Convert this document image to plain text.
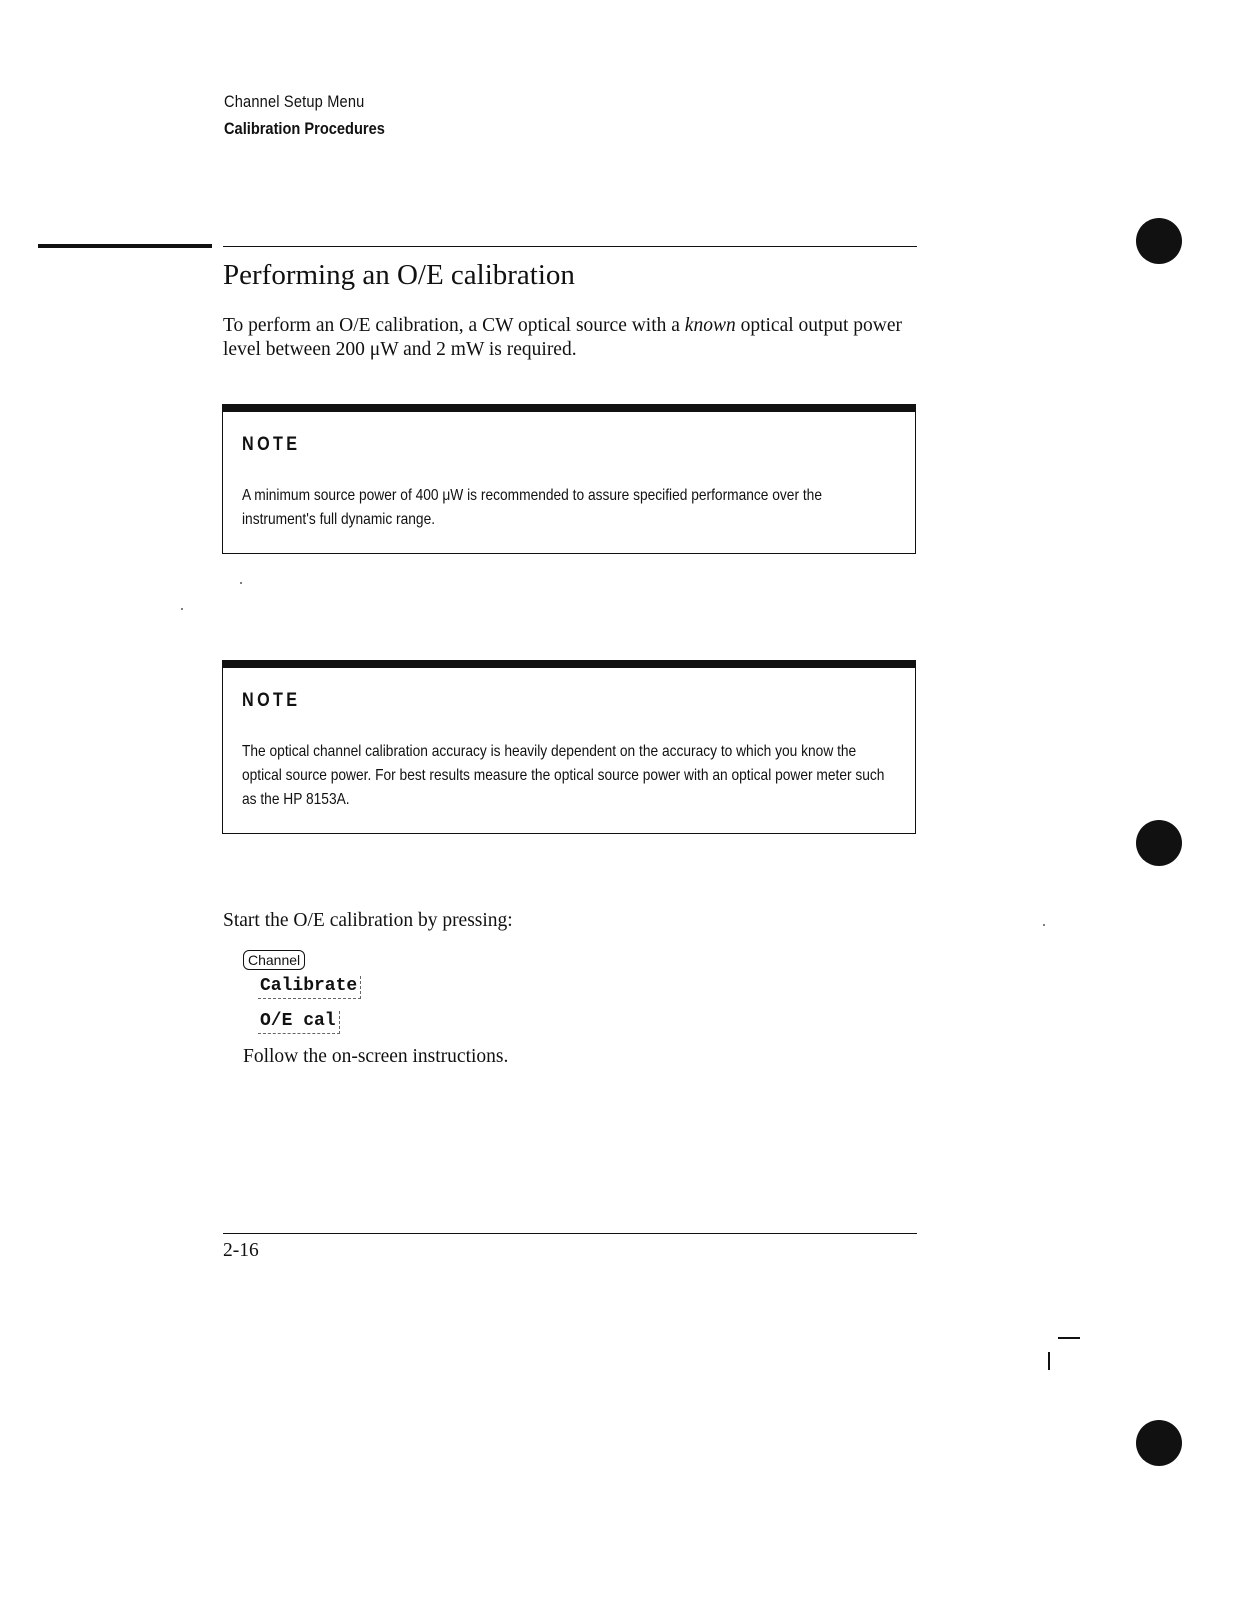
Channel Setup Menu
Calibration Procedures
Performing an O/E calibration
To perform an O/E calibration, a CW optical source with a known optical output power level between 200 μW and 2 mW is required.
NOTE
A minimum source power of 400 μW is recommended to assure specified performance over the instrument's full dynamic range.
NOTE
The optical channel calibration accuracy is heavily dependent on the accuracy to which you know the optical source power. For best results measure the optical source power with an optical power meter such as the HP 8153A.
Start the O/E calibration by pressing:
Channel
Calibrate
O/E cal
Follow the on-screen instructions.
2-16
